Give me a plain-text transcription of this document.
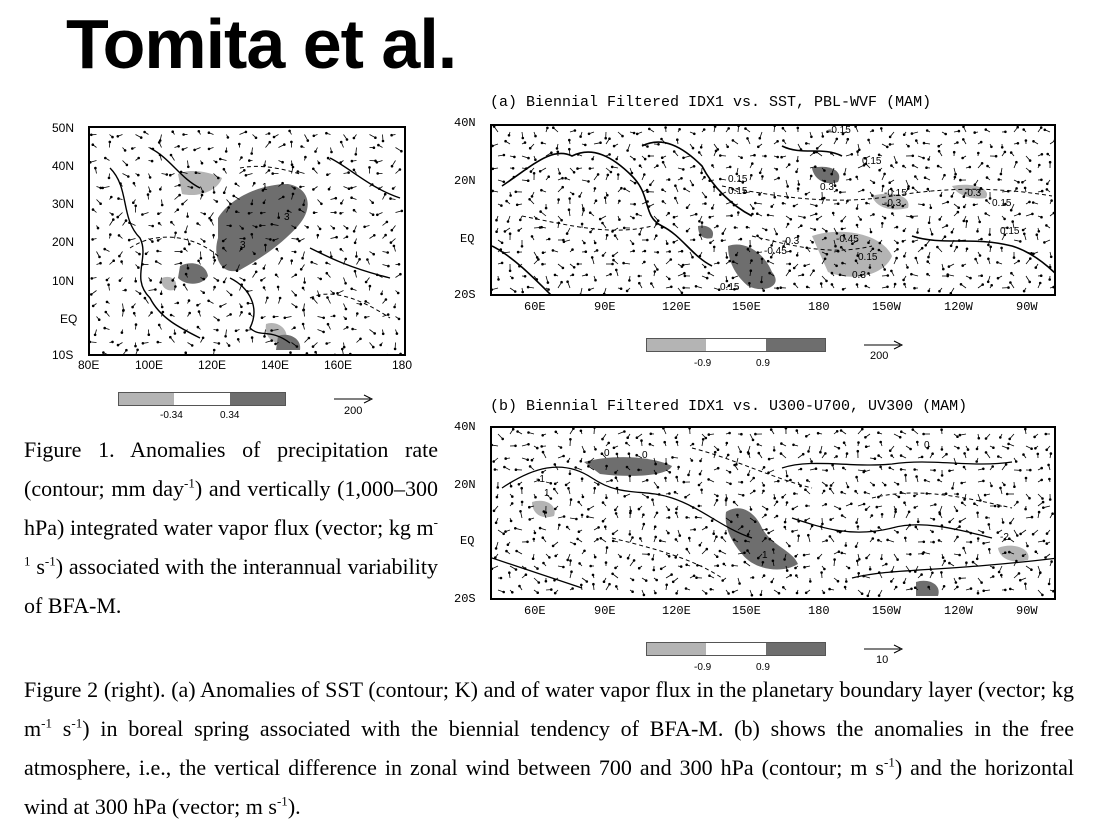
Tomita et al.
1
3
3
50N
40N
30N
20N
10N
EQ
10S
80E	100E	120E	140E	160E	180
-0.34	0.34	200
Figure 1. Anomalies of precipitation rate (contour; mm day$^{-1}$) and vertically (1,000–300 hPa) integrated water vapor flux (vector; kg $m^{-1}$ $s^{-1}$) associated with the interannual variability of BFA-M.
(a) Biennial Filtered IDX1 vs. SST, PBL-WVF (MAM)
0.15
0.15
-0.15
0.15
0.3
-0.15
-0.3
-0.3
0.15
0.15
-0.45
-0.45
0.3
0.15
0.15
-0.3
40N
20N
EQ
20S
60E	90E	120E	150E	180	150W	120W	90W
-0.9	0.9
200
(b) Biennial Filtered IDX1 vs. U300-U700, UV300 (MAM)
0	0
-1
1
0
-2
1
40N
20N
EQ
20S
60E	90E	120E	150E	180	150W	120W	90W
-0.9	0.9
10
Figure 2 (right). (a) Anomalies of SST (contour; K) and of water vapor flux in the planetary boundary layer (vector; kg $m^{-1}$ $s^{-1}$) in boreal spring associated with the biennial tendency of BFA-M. (b) shows the anomalies in the free atmosphere, i.e., the vertical difference in zonal wind between 700 and 300 hPa (contour; m $s^{-1}$) and the horizontal wind at 300 hPa (vector; m $s^{-1}$).
